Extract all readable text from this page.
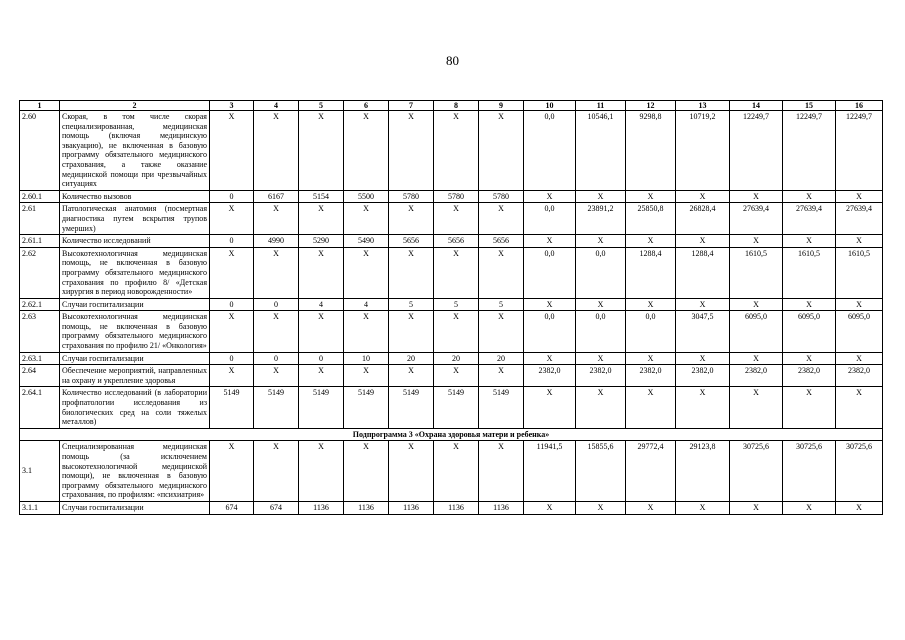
80
1	2	3	4	5	6	7	8	9	10	11	12	13	14	15	16
2.60	Скорая, в том числе скорая специализированная, медицинская помощь (включая медицинскую эвакуацию), не включенная в базовую программу обязательного медицинского страхования, а также оказание медицинской помощи при чрезвычайных ситуациях	X	X	X	X	X	X	X	0,0	10546,1	9298,8	10719,2	12249,7	12249,7	12249,7
2.60.1	Количество вызовов	0	6167	5154	5500	5780	5780	5780	X	X	X	X	X	X	X
2.61	Патологическая анатомия (посмертная диагностика путем вскрытия трупов умерших)	X	X	X	X	X	X	X	0,0	23891,2	25850,8	26828,4	27639,4	27639,4	27639,4
2.61.1	Количество исследований	0	4990	5290	5490	5656	5656	5656	X	X	X	X	X	X	X
2.62	Высокотехнологичная медицинская помощь, не включенная в базовую программу обязательного медицинского страхования по профилю 8/ «Детская хирургия в период новорожденности»	X	X	X	X	X	X	X	0,0	0,0	1288,4	1288,4	1610,5	1610,5	1610,5
2.62.1	Случаи госпитализации	0	0	4	4	5	5	5	X	X	X	X	X	X	X
2.63	Высокотехнологичная медицинская помощь, не включенная в базовую программу обязательного медицинского страхования по профилю 21/ «Онкология»	X	X	X	X	X	X	X	0,0	0,0	0,0	3047,5	6095,0	6095,0	6095,0
2.63.1	Случаи госпитализации	0	0	0	10	20	20	20	X	X	X	X	X	X	X
2.64	Обеспечение мероприятий, направленных на охрану и укрепление здоровья	X	X	X	X	X	X	X	2382,0	2382,0	2382,0	2382,0	2382,0	2382,0	2382,0
2.64.1	Количество исследований (в лаборатории профпатологии исследования из биологических сред на соли тяжелых металлов)	5149	5149	5149	5149	5149	5149	5149	X	X	X	X	X	X	X
Подпрограмма 3 «Охрана здоровья матери и ребенка»															
3.1	Специализированная медицинская помощь (за исключением высокотехнологичной медицинской помощи), не включенная в базовую программу обязательного медицинского страхования, по профилям: «психиатрия»	X	X	X	X	X	X	X	11941,5	15855,6	29772,4	29123,8	30725,6	30725,6	30725,6
3.1.1	Случаи госпитализации	674	674	1136	1136	1136	1136	1136	X	X	X	X	X	X	X
